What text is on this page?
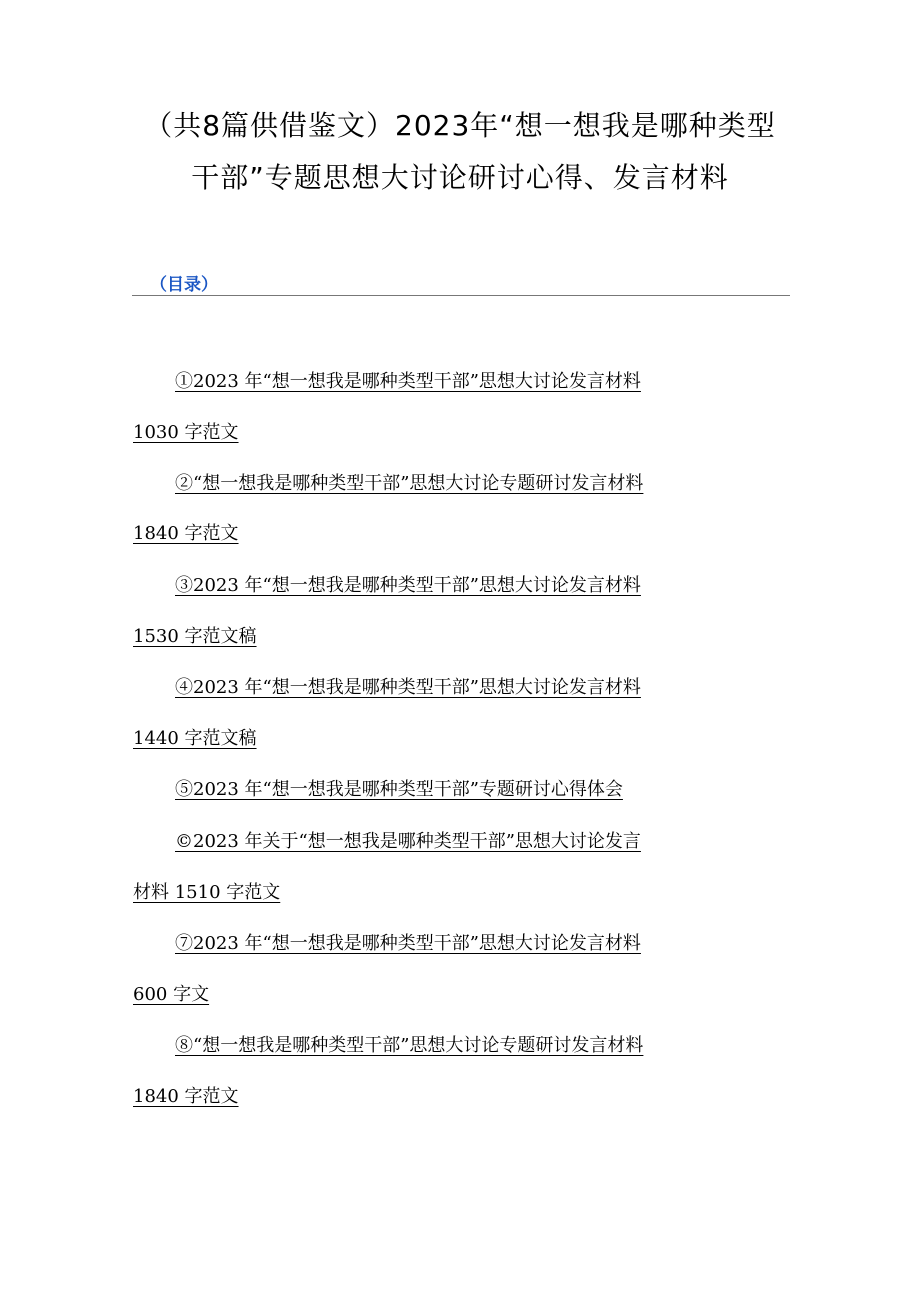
（共8篇供借鉴文）2023年“想一想我是哪种类型
干部”专题思想大讨论研讨心得、发言材料
（目录）
①2023 年“想一想我是哪种类型干部”思想大讨论发言材料
1030 字范文
②“想一想我是哪种类型干部”思想大讨论专题研讨发言材料
1840 字范文
③2023 年“想一想我是哪种类型干部”思想大讨论发言材料
1530 字范文稿
④2023 年“想一想我是哪种类型干部”思想大讨论发言材料
1440 字范文稿
⑤2023 年“想一想我是哪种类型干部”专题研讨心得体会
©2023 年关于“想一想我是哪种类型干部”思想大讨论发言
材料 1510 字范文
⑦2023 年“想一想我是哪种类型干部”思想大讨论发言材料
600 字文
⑧“想一想我是哪种类型干部”思想大讨论专题研讨发言材料
1840 字范文
